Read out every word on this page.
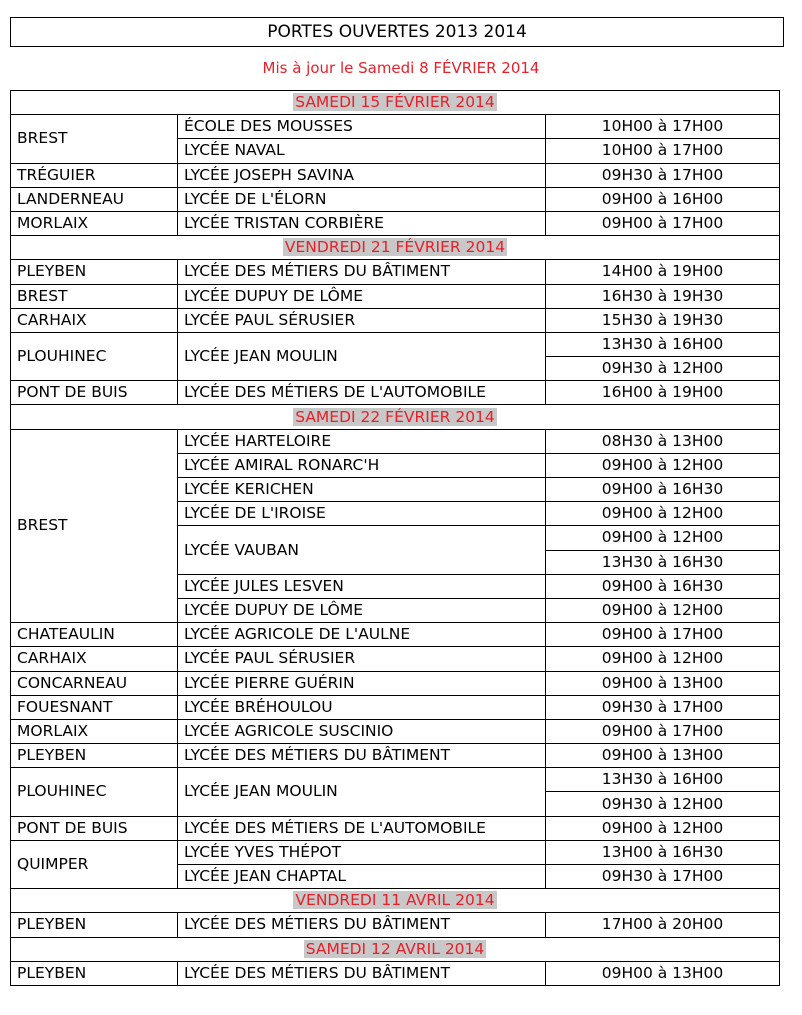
PORTES OUVERTES 2013 2014
Mis à jour le Samedi 8 FÉVRIER 2014
SAMEDI 15 FÉVRIER 2014		
BREST	ÉCOLE DES MOUSSES	10H00 à 17H00
	LYCÉE NAVAL	10H00 à 17H00
TRÉGUIER	LYCÉE JOSEPH SAVINA	09H30 à 17H00
LANDERNEAU	LYCÉE DE L'ÉLORN	09H00 à 16H00
MORLAIX	LYCÉE TRISTAN CORBIÈRE	09H00 à 17H00
VENDREDI 21 FÉVRIER 2014		
PLEYBEN	LYCÉE DES MÉTIERS DU BÂTIMENT	14H00 à 19H00
BREST	LYCÉE DUPUY DE LÔME	16H30 à 19H30
CARHAIX	LYCÉE PAUL SÉRUSIER	15H30 à 19H30
PLOUHINEC	LYCÉE JEAN MOULIN	13H30 à 16H00
		09H30 à 12H00
PONT DE BUIS	LYCÉE DES MÉTIERS DE L'AUTOMOBILE	16H00 à 19H00
SAMEDI 22 FÉVRIER 2014		
BREST	LYCÉE HARTELOIRE	08H30 à 13H00
	LYCÉE AMIRAL RONARC'H	09H00 à 12H00
	LYCÉE KERICHEN	09H00 à 16H30
	LYCÉE DE L'IROISE	09H00 à 12H00
	LYCÉE VAUBAN	09H00 à 12H00
		13H30 à 16H30
	LYCÉE JULES LESVEN	09H00 à 16H30
	LYCÉE DUPUY DE LÔME	09H00 à 12H00
CHATEAULIN	LYCÉE AGRICOLE DE L'AULNE	09H00 à 17H00
CARHAIX	LYCÉE PAUL SÉRUSIER	09H00 à 12H00
CONCARNEAU	LYCÉE PIERRE GUÉRIN	09H00 à 13H00
FOUESNANT	LYCÉE BRÉHOULOU	09H30 à 17H00
MORLAIX	LYCÉE AGRICOLE SUSCINIO	09H00 à 17H00
PLEYBEN	LYCÉE DES MÉTIERS DU BÂTIMENT	09H00 à 13H00
PLOUHINEC	LYCÉE JEAN MOULIN	13H30 à 16H00
		09H30 à 12H00
PONT DE BUIS	LYCÉE DES MÉTIERS DE L'AUTOMOBILE	09H00 à 12H00
QUIMPER	LYCÉE YVES THÉPOT	13H00 à 16H30
	LYCÉE JEAN CHAPTAL	09H30 à 17H00
VENDREDI 11 AVRIL 2014		
PLEYBEN	LYCÉE DES MÉTIERS DU BÂTIMENT	17H00 à 20H00
SAMEDI 12 AVRIL 2014		
PLEYBEN	LYCÉE DES MÉTIERS DU BÂTIMENT	09H00 à 13H00
